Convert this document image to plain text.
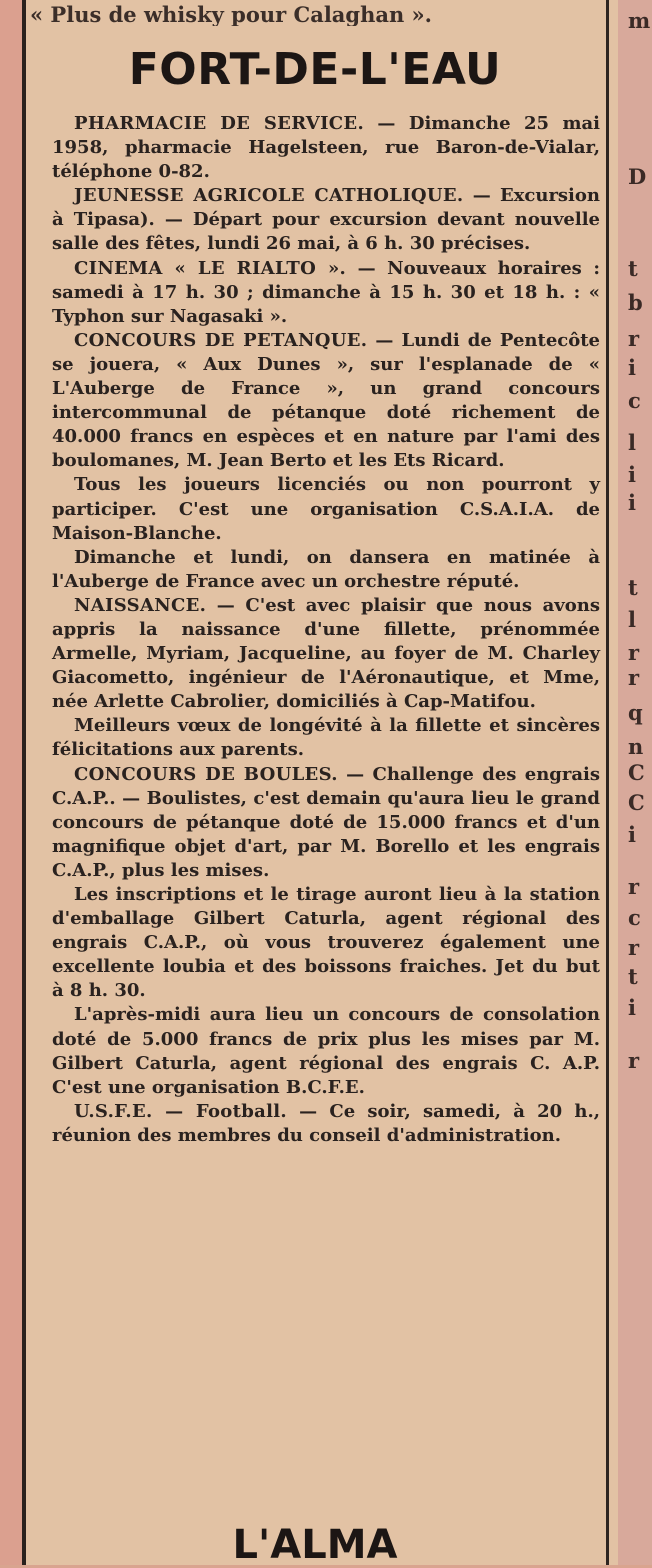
m
D
t
b
r
i
c
l
i
i
t
l
r
r
q
n
C
C
i
r
c
r
t
i
r
« Plus de whisky pour Calaghan ».
FORT-DE-L'EAU

PHARMACIE DE SERVICE. — Dimanche 25 mai 1958, pharmacie Hagelsteen, rue Baron-de-Vialar, téléphone 0-82.

JEUNESSE AGRICOLE CATHOLIQUE. — Excursion à Tipasa). — Départ pour excursion devant nouvelle salle des fêtes, lundi 26 mai, à 6 h. 30 précises.

CINEMA « LE RIALTO ». — Nouveaux horaires : samedi à 17 h. 30 ; dimanche à 15 h. 30 et 18 h. : « Typhon sur Nagasaki ».

CONCOURS DE PETANQUE. — Lundi de Pentecôte se jouera, « Aux Dunes », sur l'esplanade de « L'Auberge de France », un grand concours intercommunal de pétanque doté richement de 40.000 francs en espèces et en nature par l'ami des boulomanes, M. Jean Berto et les Ets Ricard.

Tous les joueurs licenciés ou non pourront y participer. C'est une organisation C.S.A.I.A. de Maison-Blanche.

Dimanche et lundi, on dansera en matinée à l'Auberge de France avec un orchestre réputé.

NAISSANCE. — C'est avec plaisir que nous avons appris la naissance d'une fillette, prénommée Armelle, Myriam, Jacqueline, au foyer de M. Charley Giacometto, ingénieur de l'Aéronautique, et Mme, née Arlette Cabrolier, domiciliés à Cap-Matifou.

Meilleurs vœux de longévité à la fillette et sincères félicitations aux parents.

CONCOURS DE BOULES. — Challenge des engrais C.A.P.. — Boulistes, c'est demain qu'aura lieu le grand concours de pétanque doté de 15.000 francs et d'un magnifique objet d'art, par M. Borello et les engrais C.A.P., plus les mises.

Les inscriptions et le tirage auront lieu à la station d'emballage Gilbert Caturla, agent régional des engrais C.A.P., où vous trouverez également une excellente loubia et des boissons fraiches. Jet du but à 8 h. 30.

L'après-midi aura lieu un concours de consolation doté de 5.000 francs de prix plus les mises par M. Gilbert Caturla, agent régional des engrais C. A.P. C'est une organisation B.C.F.E.

U.S.F.E. — Football. — Ce soir, samedi, à 20 h., réunion des membres du conseil d'administration.

L'ALMA
